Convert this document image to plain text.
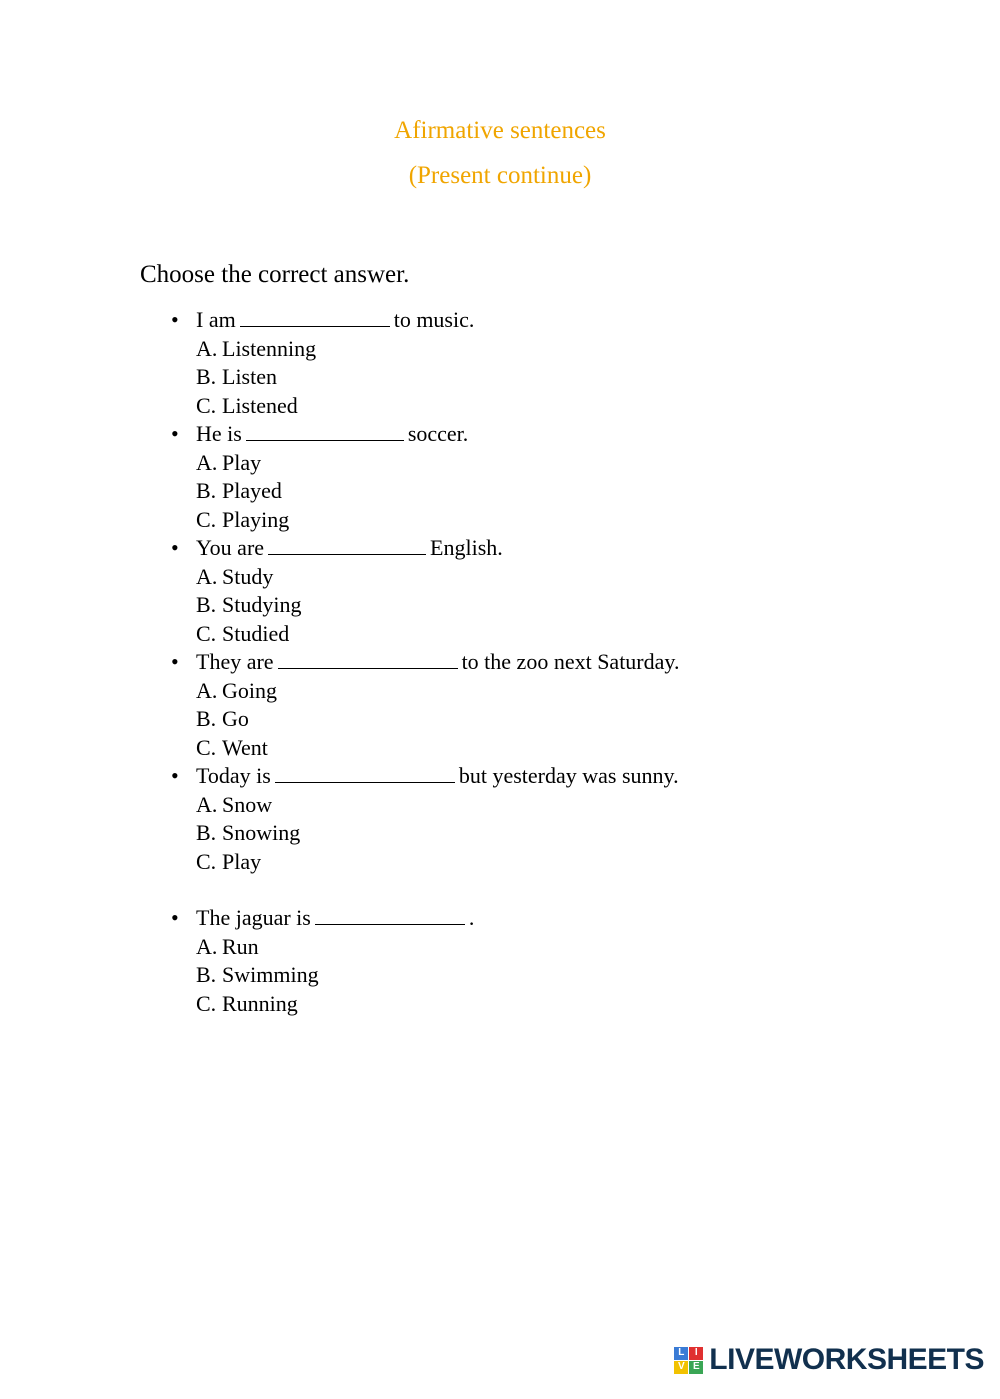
Afirmative sentences
(Present continue)
Choose the correct answer.
• I am	to music.
A. Listenning
B. Listen
C. Listened
• He is	soccer.
A. Play
B. Played
C. Playing
• You are	English.
A. Study
B. Studying
C. Studied
• They are	to the zoo next Saturday.
A. Going
B. Go
C. Went
• Today is	but yesterday was sunny.
A. Snow
B. Snowing
C. Play
• The jaguar is	.
A. Run
B. Swimming
C. Running
L	I
V E LIVEWORKSHEETS
